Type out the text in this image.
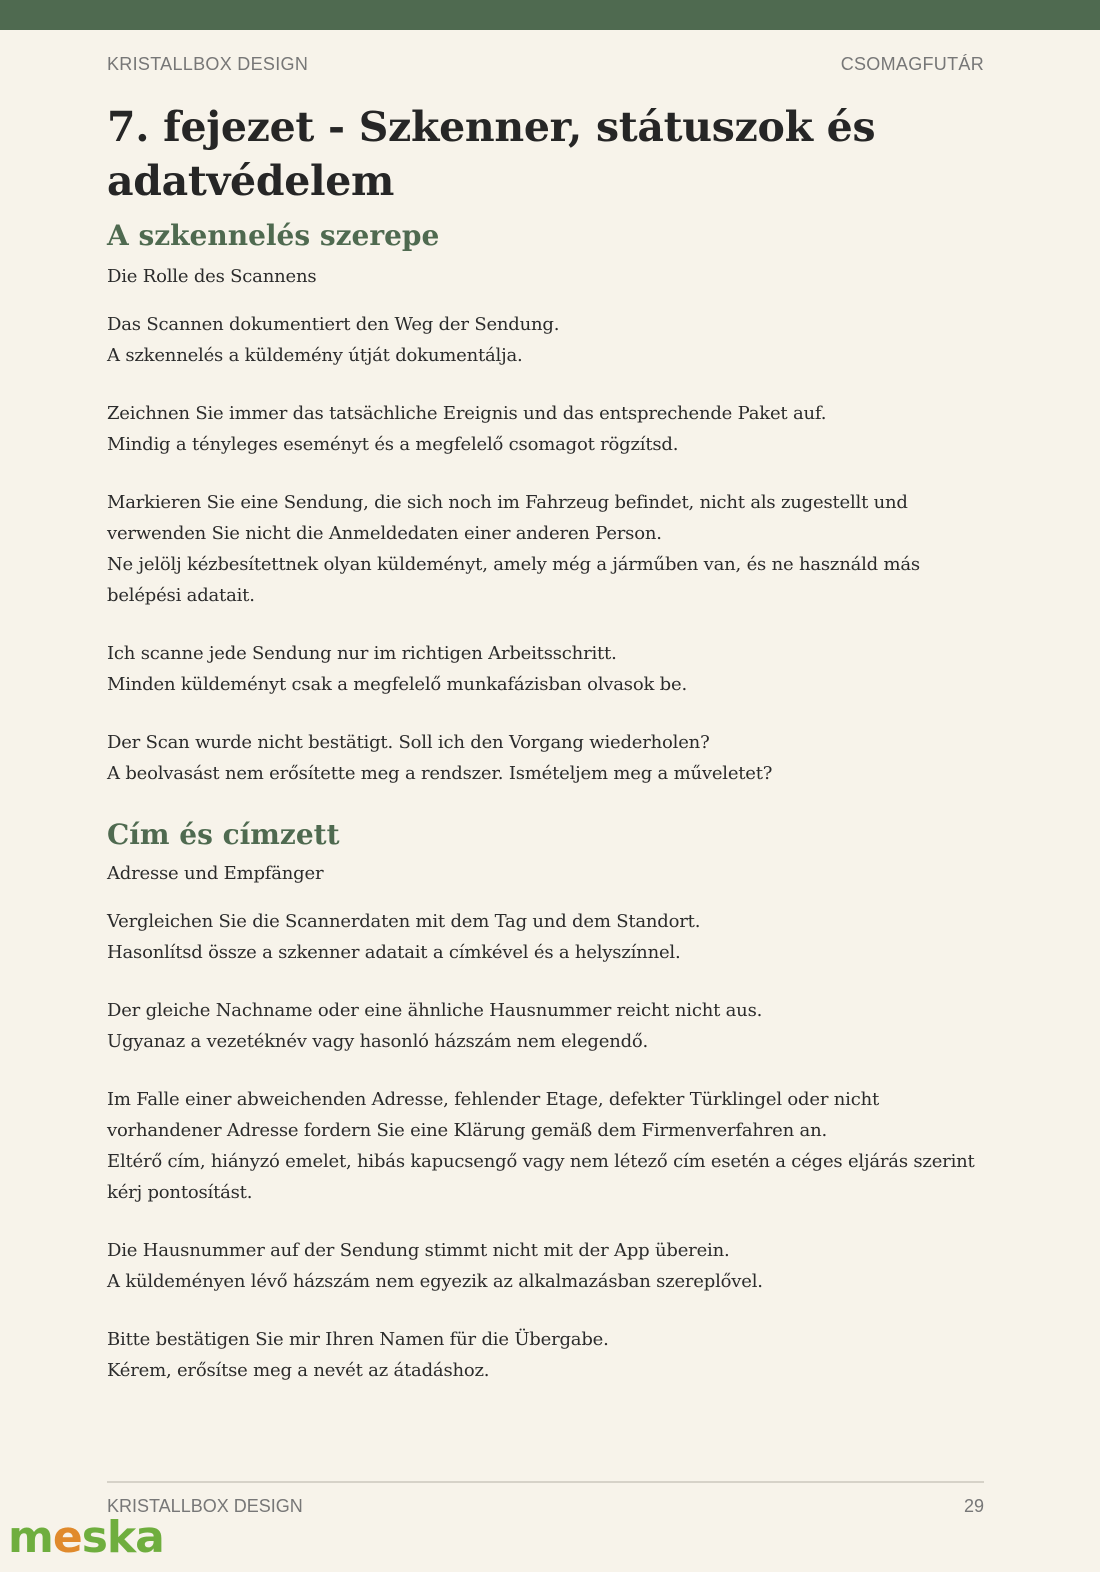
KRISTALLBOX DESIGN	CSOMAGFUTÁR
7. fejezet - Szkenner, státuszok és adatvédelem
A szkennelés szerepe

Die Rolle des Scannens

Das Scannen dokumentiert den Weg der Sendung.
A szkennelés a küldemény útját dokumentálja.
Zeichnen Sie immer das tatsächliche Ereignis und das entsprechende Paket auf.
Mindig a tényleges eseményt és a megfelelő csomagot rögzítsd.
Markieren Sie eine Sendung, die sich noch im Fahrzeug befindet, nicht als zugestellt und verwenden Sie nicht die Anmeldedaten einer anderen Person.
Ne jelölj kézbesítettnek olyan küldeményt, amely még a járműben van, és ne használd más belépési adatait.
Ich scanne jede Sendung nur im richtigen Arbeitsschritt.
Minden küldeményt csak a megfelelő munkafázisban olvasok be.
Der Scan wurde nicht bestätigt. Soll ich den Vorgang wiederholen?
A beolvasást nem erősítette meg a rendszer. Ismételjem meg a műveletet?
Cím és címzett

Adresse und Empfänger

Vergleichen Sie die Scannerdaten mit dem Tag und dem Standort.
Hasonlítsd össze a szkenner adatait a címkével és a helyszínnel.
Der gleiche Nachname oder eine ähnliche Hausnummer reicht nicht aus.
Ugyanaz a vezetéknév vagy hasonló házszám nem elegendő.
Im Falle einer abweichenden Adresse, fehlender Etage, defekter Türklingel oder nicht vorhandener Adresse fordern Sie eine Klärung gemäß dem Firmenverfahren an.
Eltérő cím, hiányzó emelet, hibás kapucsengő vagy nem létező cím esetén a céges eljárás szerint kérj pontosítást.
Die Hausnummer auf der Sendung stimmt nicht mit der App überein.
A küldeményen lévő házszám nem egyezik az alkalmazásban szereplővel.
Bitte bestätigen Sie mir Ihren Namen für die Übergabe.
Kérem, erősítse meg a nevét az átadáshoz.
KRISTALLBOX DESIGN	29
meska
